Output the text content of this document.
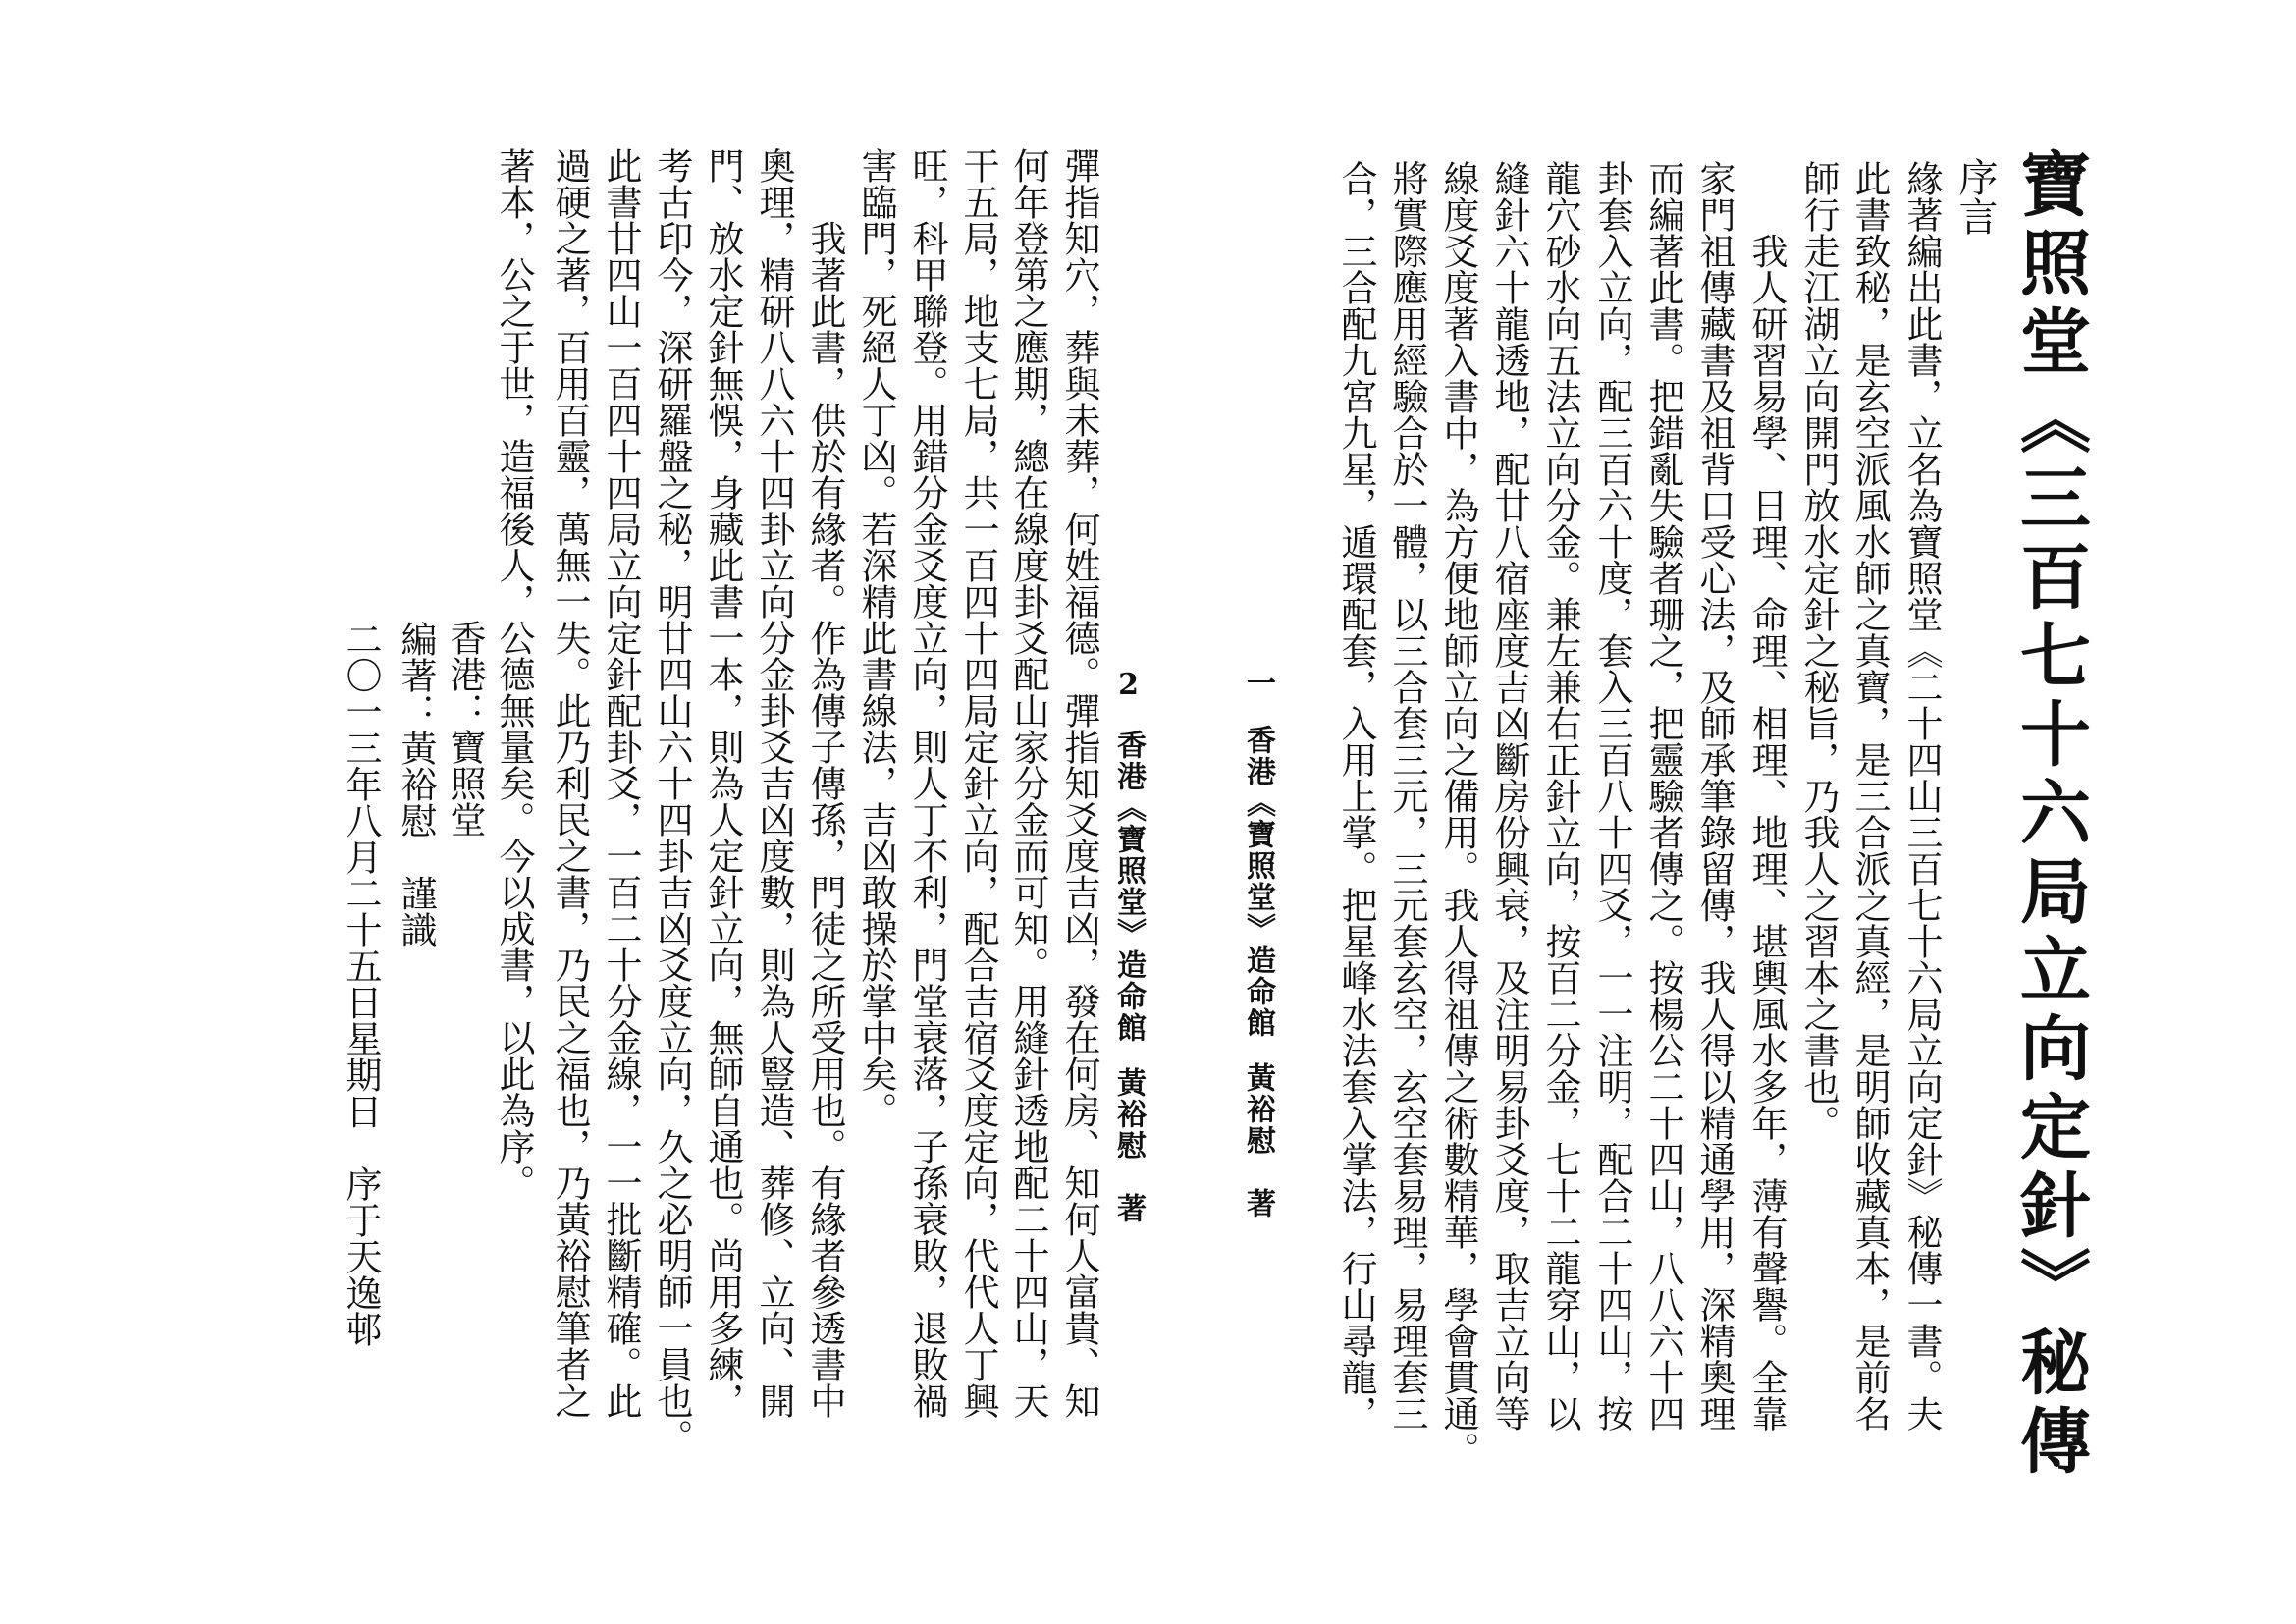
寶照堂《三百七十六局立向定針》秘傳
序言
緣著編出此書，立名為寶照堂《二十四山三百七十六局立向定針》秘傳一書。夫
此書致秘，是玄空派風水師之真寶，是三合派之真經，是明師收藏真本，是前名
師行走江湖立向開門放水定針之秘旨，乃我人之習本之書也。
　　我人研習易學、日理、命理、相理、地理、堪輿風水多年，薄有聲譽。全靠
家門祖傳藏書及祖背口受心法，及師承筆錄留傳，我人得以精通學用，深精奧理
而編著此書。把錯亂失驗者珊之，把靈驗者傳之。按楊公二十四山，八八六十四
卦套入立向，配三百六十度，套入三百八十四爻，一一注明，配合二十四山，按
龍穴砂水向五法立向分金。兼左兼右正針立向，按百二分金，七十二龍穿山，以
縫針六十龍透地，配廿八宿座度吉凶斷房份興衰，及注明易卦爻度，取吉立向等
線度爻度著入書中，為方便地師立向之備用。我人得祖傳之術數精華，學會貫通。
將實際應用經驗合於一體，以三合套三元，三元套玄空，玄空套易理，易理套三
合，三合配九宮九星，遁環配套，入用上掌。把星峰水法套入掌法，行山尋龍，
一香港《寶照堂》造命館黃裕慰　著
2香港《寶照堂》造命館黃裕慰　著
彈指知穴，葬與未葬，何姓福德。彈指知爻度吉凶，發在何房、知何人富貴、知
何年登第之應期，總在線度卦爻配山家分金而可知。用縫針透地配二十四山，天
干五局，地支七局，共一百四十四局定針立向，配合吉宿爻度定向，代代人丁興
旺，科甲聯登。用錯分金爻度立向，則人丁不利，門堂衰落，子孫衰敗，退敗禍
害臨門，死絕人丁凶。若深精此書線法，吉凶敢操於掌中矣。
　　我著此書，供於有緣者。作為傳子傳孫，門徒之所受用也。有緣者參透書中
奧理，精研八八六十四卦立向分金卦爻吉凶度數，則為人豎造、葬修、立向、開
門、放水定針無悞，身藏此書一本，則為人定針立向，無師自通也。尚用多練，
考古印今，深研羅盤之秘，明廿四山六十四卦吉凶爻度立向，久之必明師一員也。
此書廿四山一百四十四局立向定針配卦爻，一百二十分金線，一一批斷精確。此
過硬之著，百用百靈，萬無一失。此乃利民之書，乃民之福也，乃黃裕慰筆者之
著本，公之于世，造福後人，公德無量矣。今以成書，以此為序。
　　　　　　　　　　　　　香港：寶照堂
　　　　　　　　　　　　編著：黃裕慰　謹識
　　　　　　　　　　　二〇一三年八月二十五日星期日　序于天逸邨
